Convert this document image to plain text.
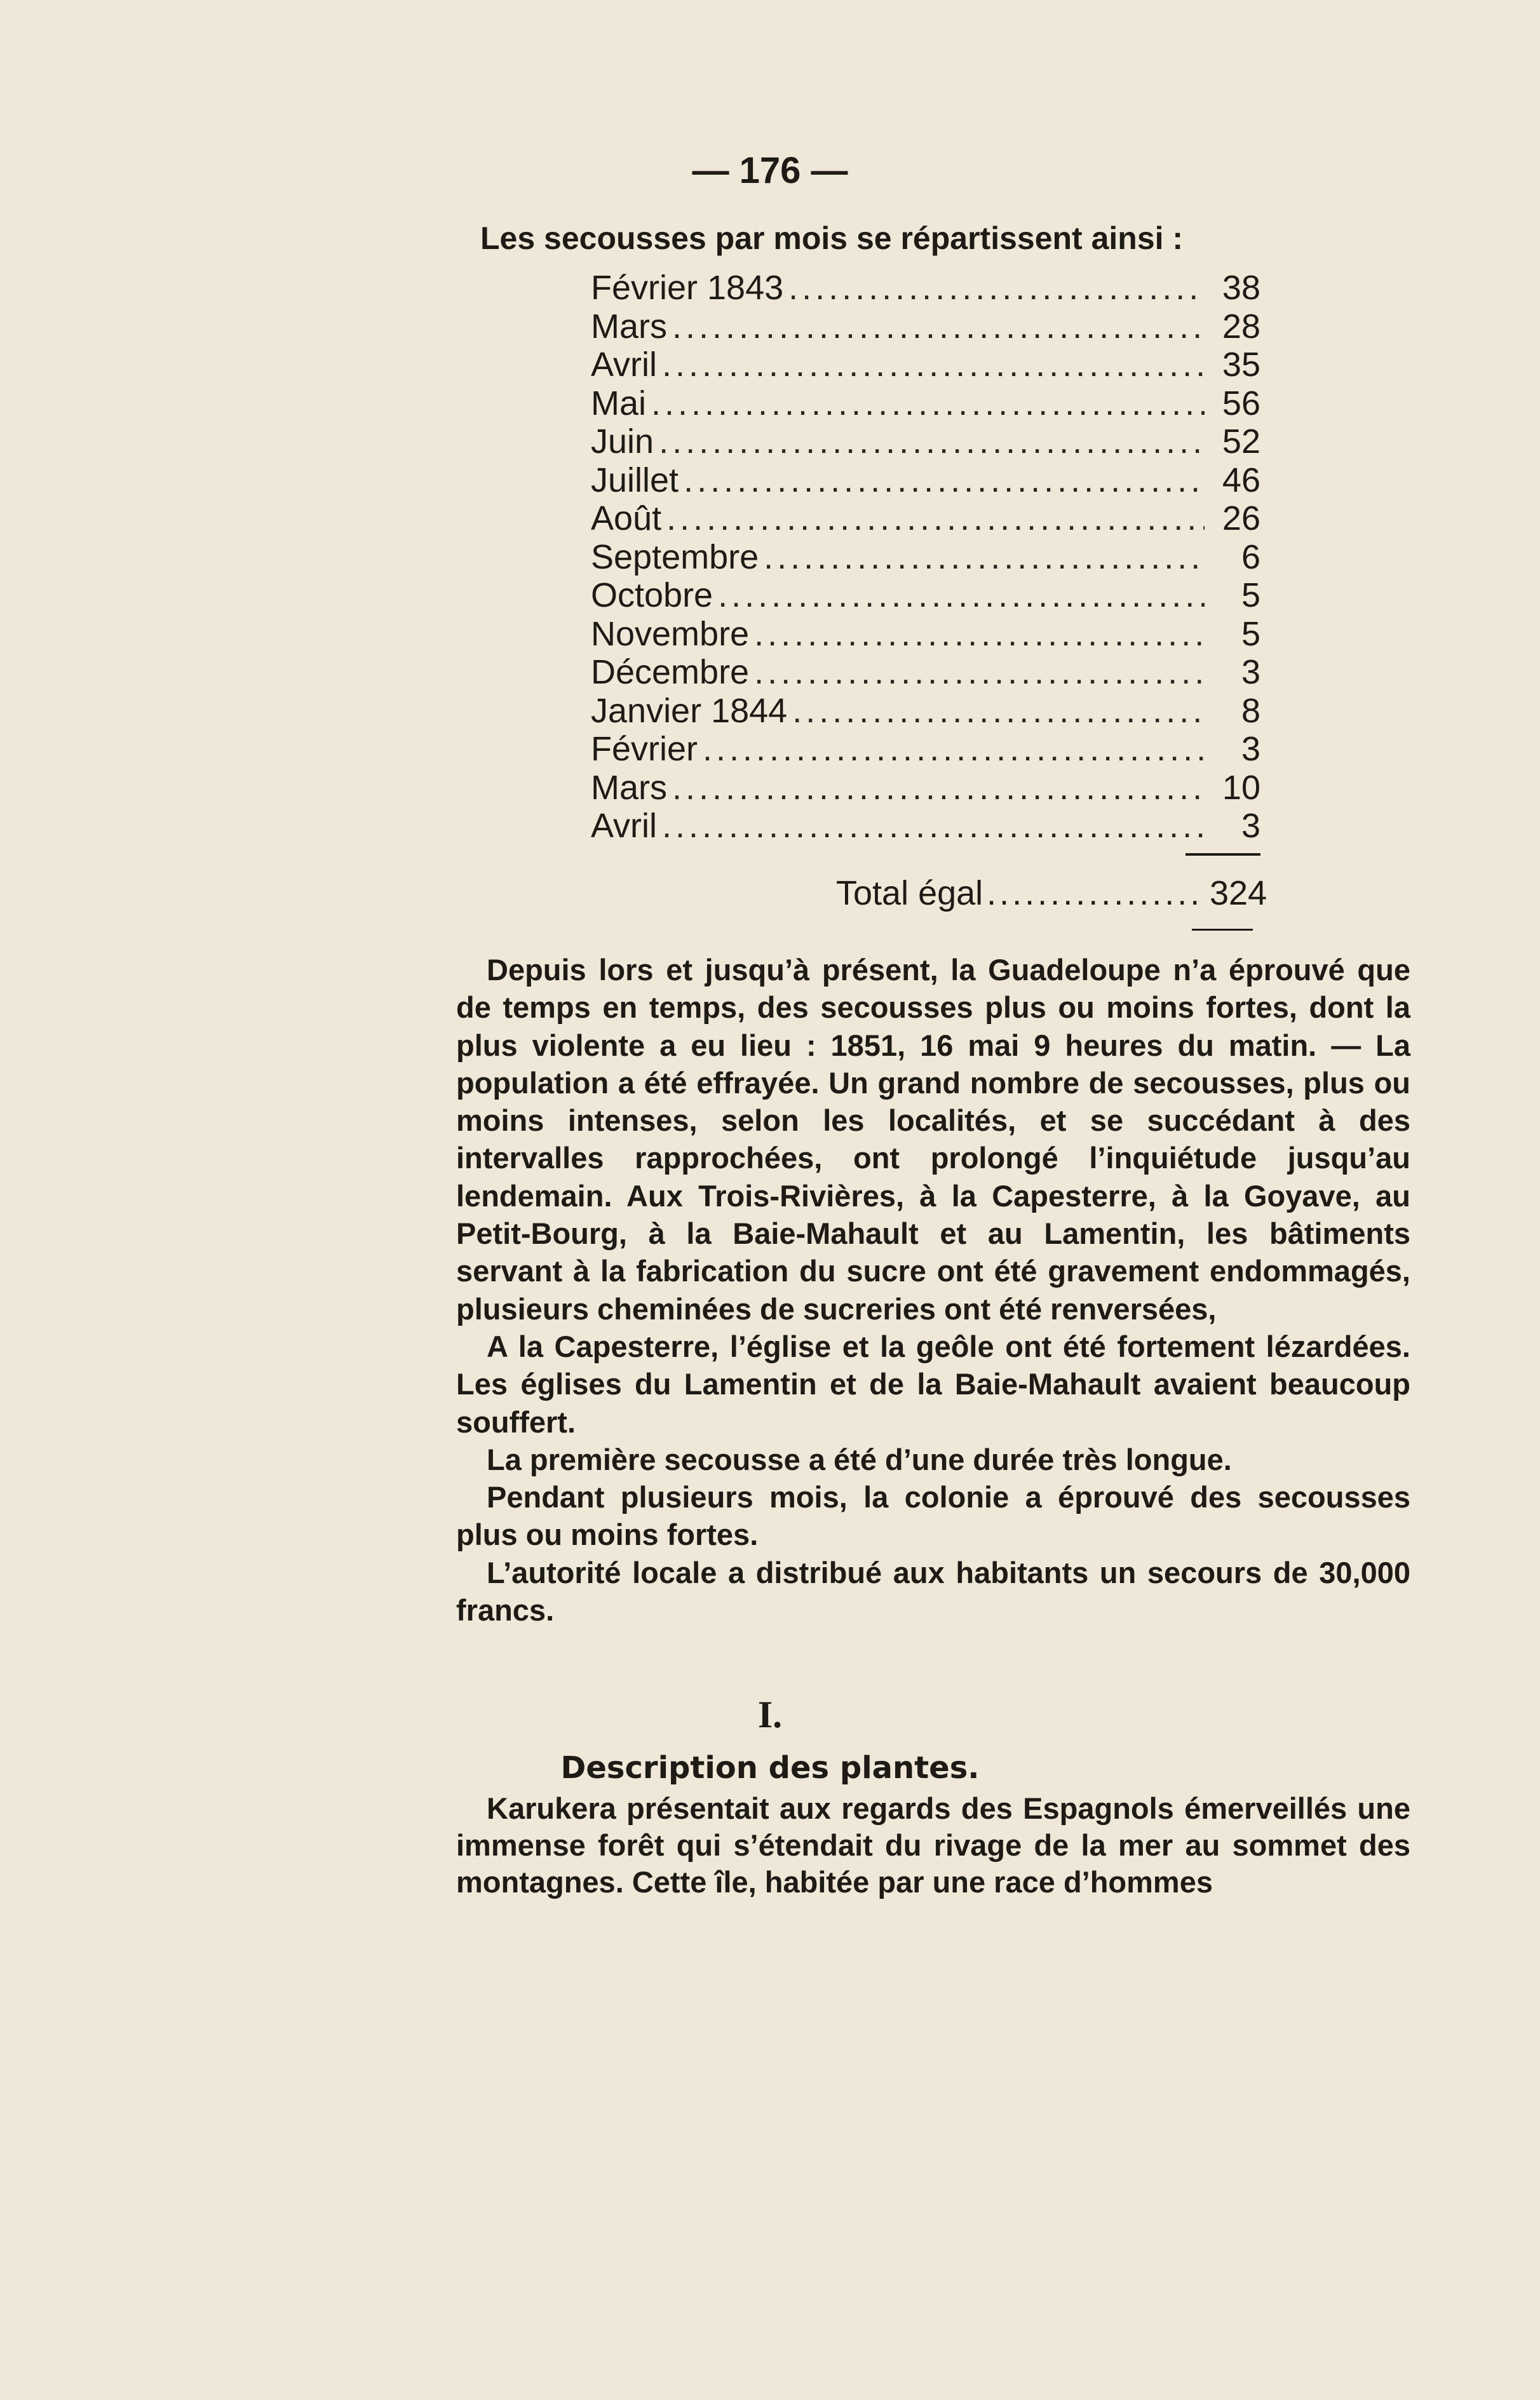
— 176 —
Les secousses par mois se répartissent ainsi :
Février 1843 .....	38
Mars .....	28
Avril .....	35
Mai .....	56
Juin .....	52
Juillet .....	46
Août .....	26
Septembre .....	6
Octobre .....	5
Novembre .....	5
Décembre .....	3
Janvier 1844 .....	8
Février .....	3
Mars .....	10
Avril .....	3
Total égal .....	324

Depuis lors et jusqu’à présent, la Guadeloupe n’a éprouvé que de temps en temps, des secousses plus ou moins fortes, dont la plus violente a eu lieu : 1851, 16 mai 9 heures du matin. — La population a été effrayée. Un grand nombre de secousses, plus ou moins intenses, selon les localités, et se succédant à des intervalles rapprochées, ont prolongé l’inquiétude jusqu’au lendemain. Aux Trois-Rivières, à la Capesterre, à la Goyave, au Petit-Bourg, à la Baie-Mahault et au Lamentin, les bâtiments servant à la fabrication du sucre ont été gravement endommagés, plusieurs cheminées de sucreries ont été renversées,

A la Capesterre, l’église et la geôle ont été fortement lézardées. Les églises du Lamentin et de la Baie-Mahault avaient beaucoup souffert.

La première secousse a été d’une durée très longue.

Pendant plusieurs mois, la colonie a éprouvé des secousses plus ou moins fortes.

L’autorité locale a distribué aux habitants un secours de 30,000 francs.

I.
Description des plantes.

Karukera présentait aux regards des Espagnols émerveillés une immense forêt qui s’étendait du rivage de la mer au sommet des montagnes. Cette île, habitée par une race d’hommes
